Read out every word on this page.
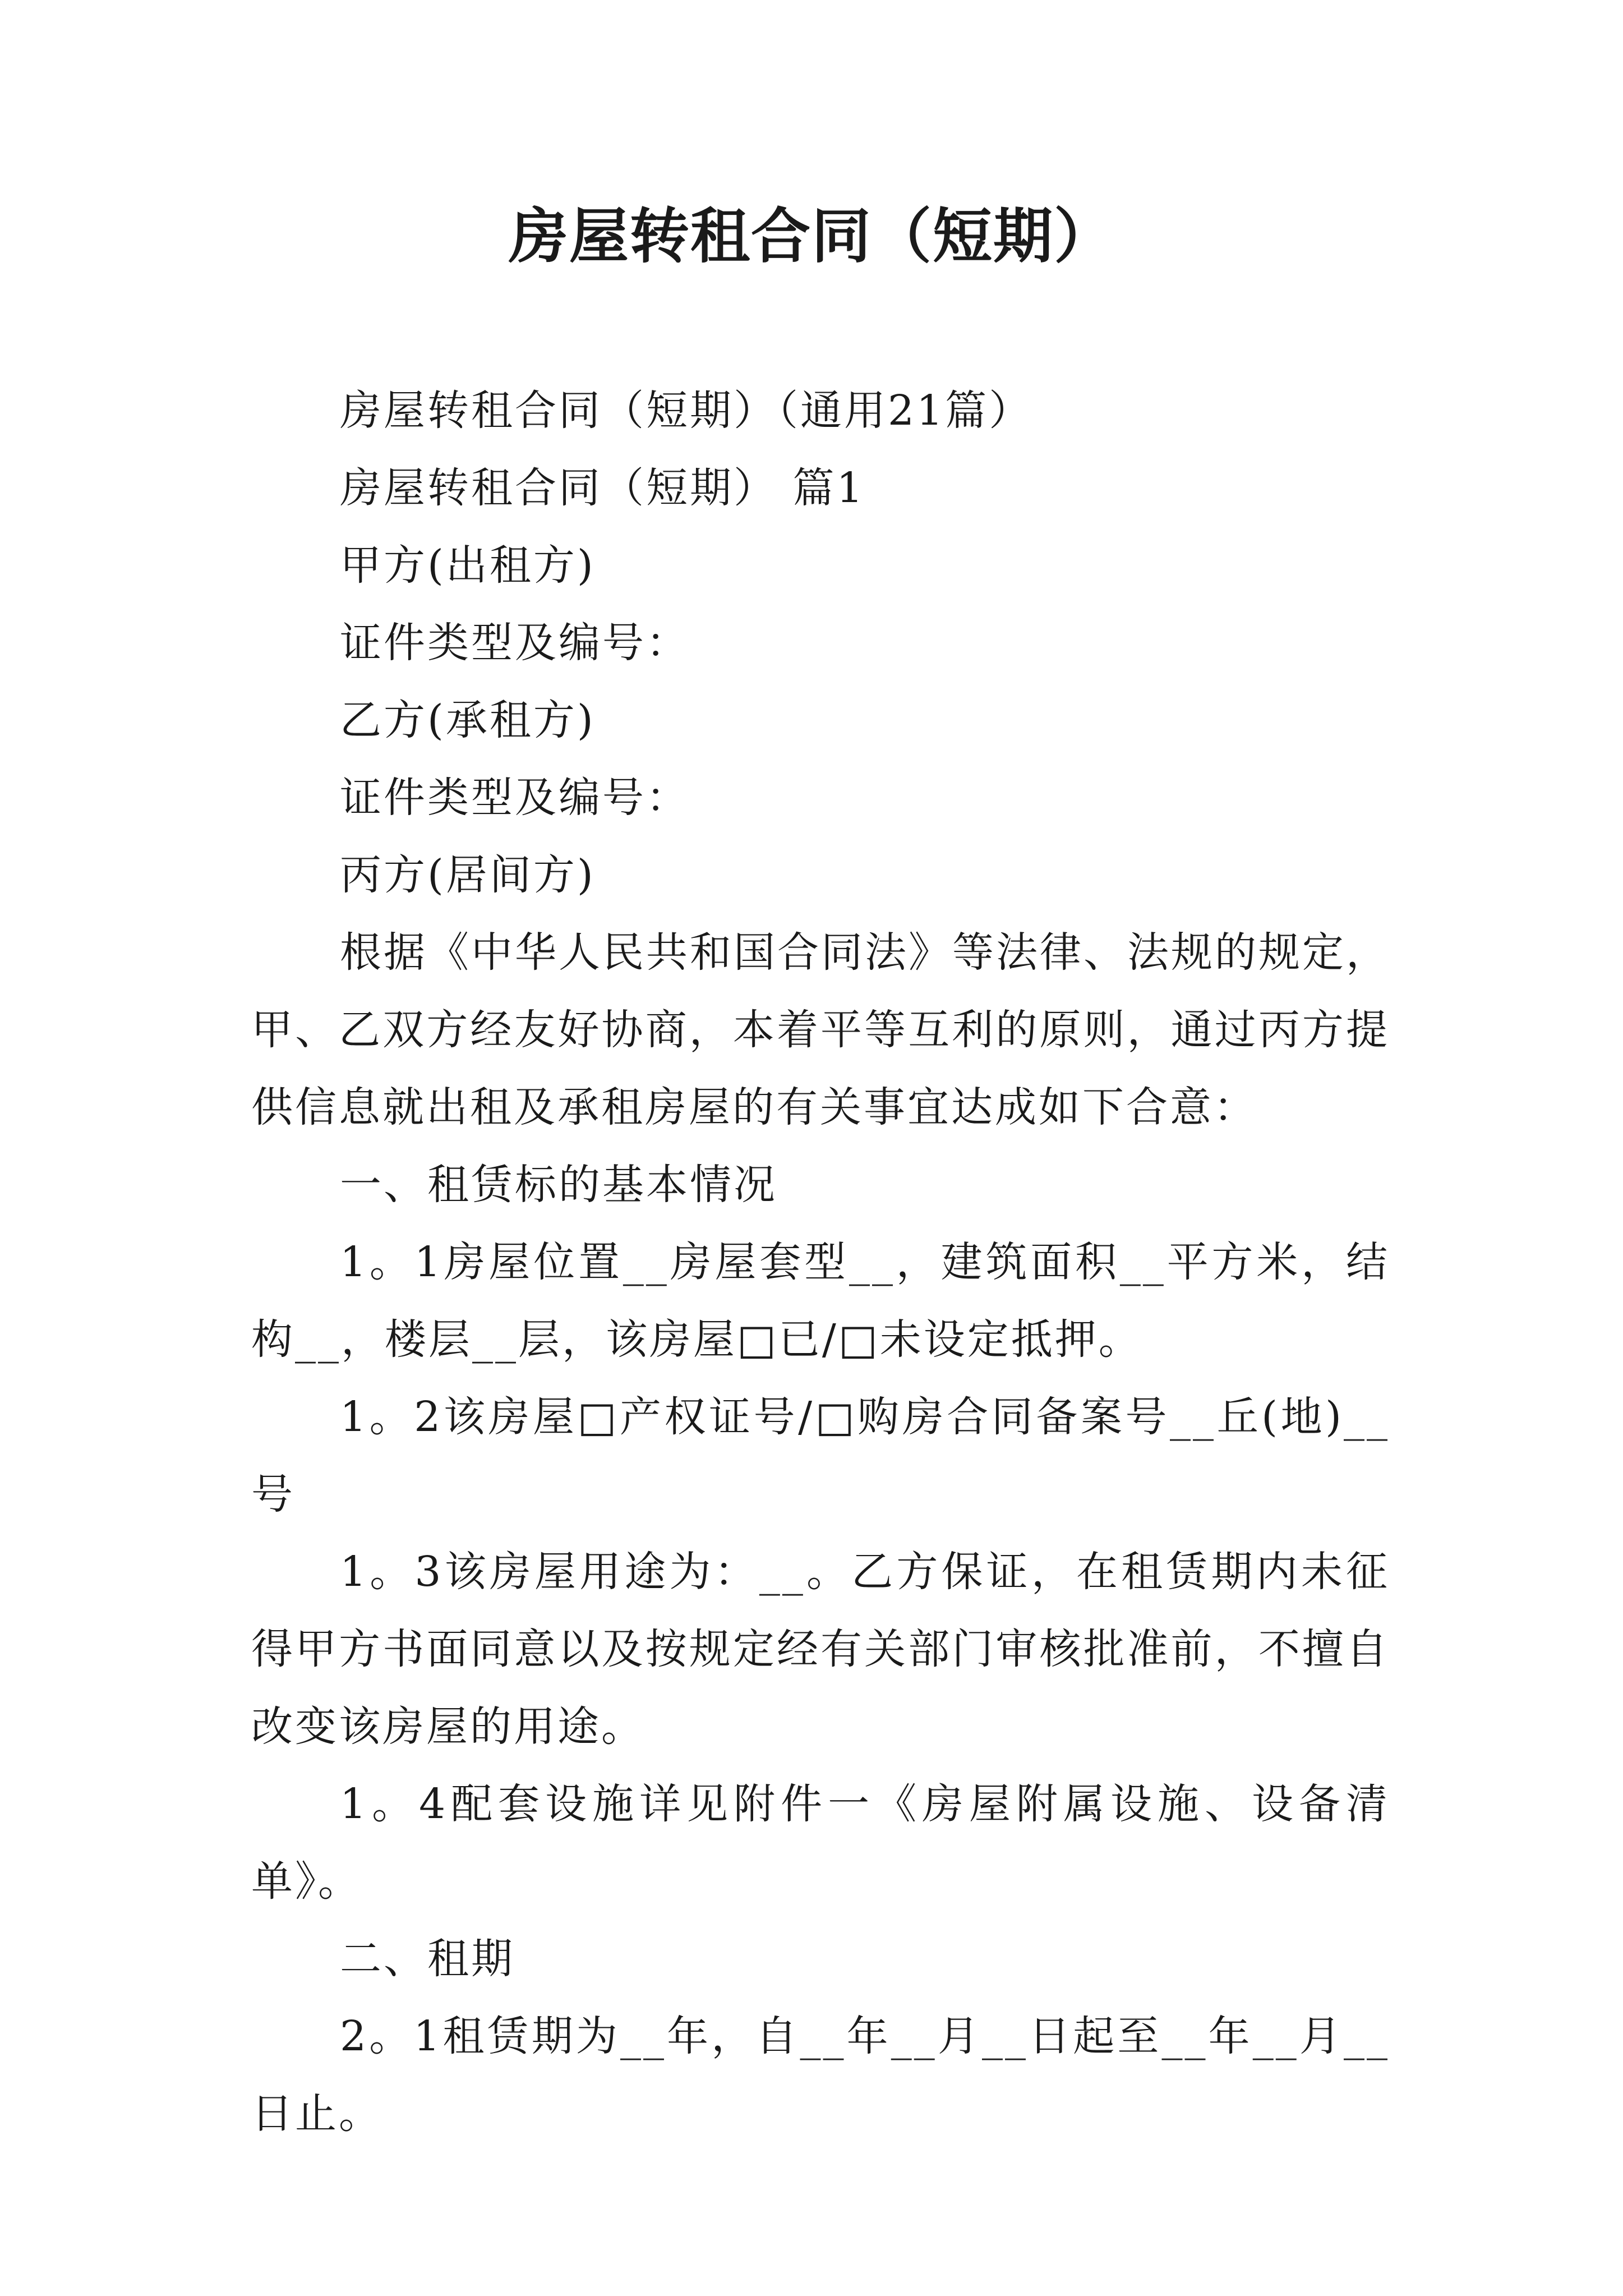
房屋转租合同（短期）

房屋转租合同（短期）（通用21篇）

房屋转租合同（短期） 篇1

甲方(出租方)

证件类型及编号：

乙方(承租方)

证件类型及编号：

丙方(居间方)

根据《中华人民共和国合同法》等法律、法规的规定，甲、乙双方经友好协商，本着平等互利的原则，通过丙方提供信息就出租及承租房屋的有关事宜达成如下合意：

一、租赁标的基本情况

1。1房屋位置__房屋套型__，建筑面积__平方米，结构__，楼层__层，该房屋□已/□未设定抵押。

1。2该房屋□产权证号/□购房合同备案号__丘(地)__号

1。3该房屋用途为：__。乙方保证，在租赁期内未征得甲方书面同意以及按规定经有关部门审核批准前，不擅自改变该房屋的用途。

1。4配套设施详见附件一《房屋附属设施、设备清单》。

二、租期

2。1租赁期为__年，自__年__月__日起至__年__月__日止。
